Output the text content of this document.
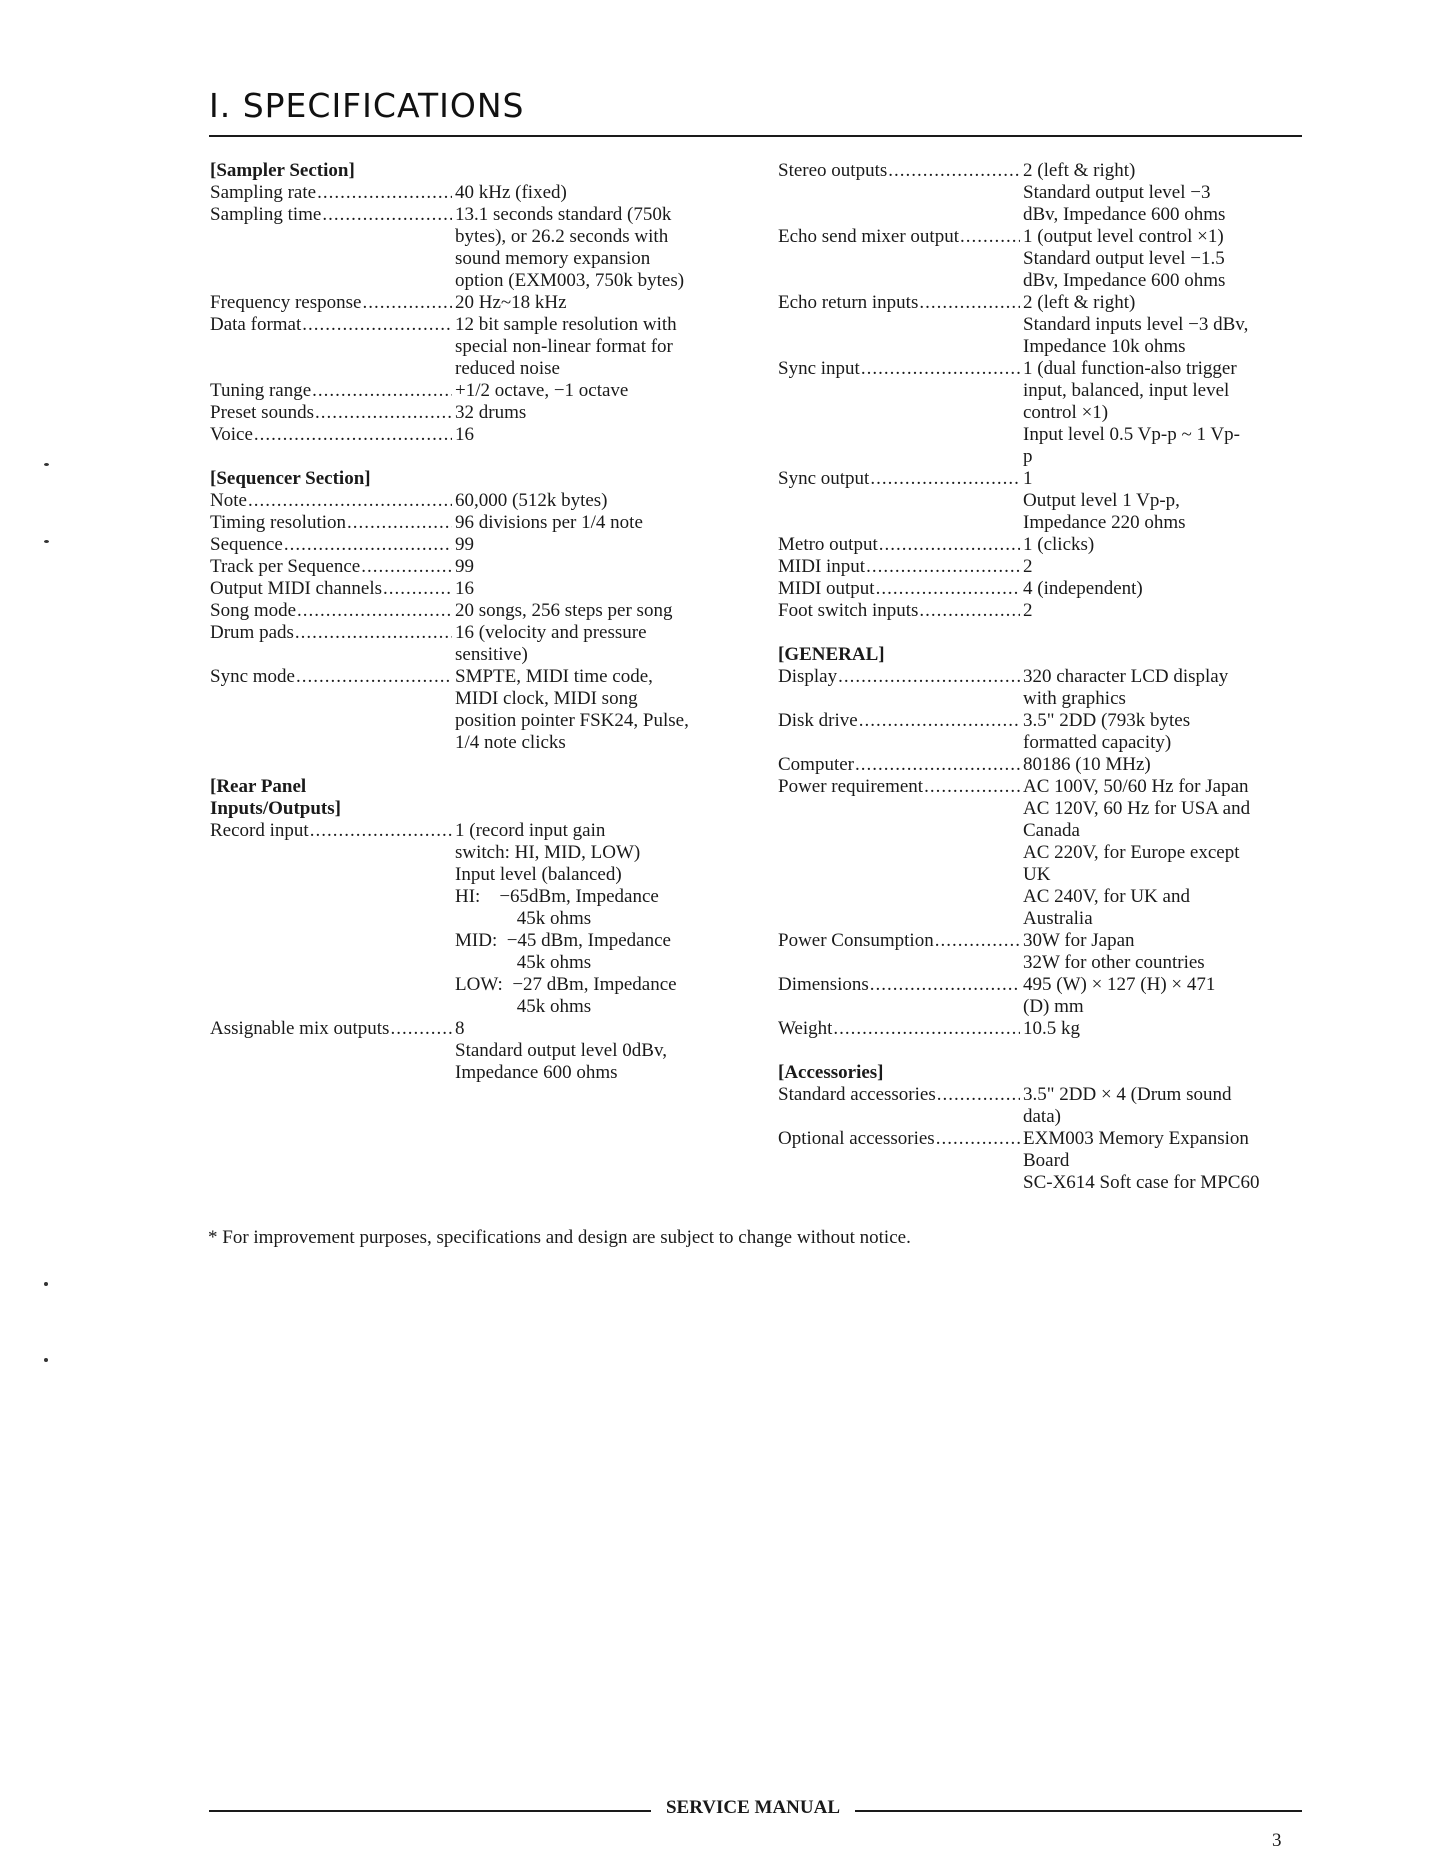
I. SPECIFICATIONS
[Sampler Section]
Sampling rate .....	40 kHz (fixed)
Sampling time .....	13.1 seconds standard (750k
bytes), or 26.2 seconds with
sound memory expansion
option (EXM003, 750k bytes)
Frequency response .....	20 Hz~18 kHz
Data format .....	12 bit sample resolution with
special non-linear format for
reduced noise
Tuning range .....	+1/2 octave, −1 octave
Preset sounds .....	32 drums
Voice .....	16
[Sequencer Section]
Note .....	60,000 (512k bytes)
Timing resolution .....	96 divisions per 1/4 note
Sequence .....	99
Track per Sequence .....	99
Output MIDI channels .....	16
Song mode .....	20 songs, 256 steps per song
Drum pads .....	16 (velocity and pressure
sensitive)
Sync mode .....	SMPTE, MIDI time code,
MIDI clock, MIDI song
position pointer FSK24, Pulse,
1/4 note clicks
[Rear Panel
Inputs/Outputs]
Record input .....	1 (record input gain
switch: HI, MID, LOW)
Input level (balanced)
HI:    −65dBm, Impedance
45k ohms
MID:  −45 dBm, Impedance
45k ohms
LOW:  −27 dBm, Impedance
45k ohms
Assignable mix outputs .....	8
Standard output level 0dBv,
Impedance 600 ohms
Stereo outputs .....	2 (left & right)
Standard output level −3
dBv, Impedance 600 ohms
Echo send mixer output .....	1 (output level control ×1)
Standard output level −1.5
dBv, Impedance 600 ohms
Echo return inputs .....	2 (left & right)
Standard inputs level −3 dBv,
Impedance 10k ohms
Sync input .....	1 (dual function-also trigger
input, balanced, input level
control ×1)
Input level 0.5 Vp-p ~ 1 Vp-
p
Sync output .....	1
Output level 1 Vp-p,
Impedance 220 ohms
Metro output .....	1 (clicks)
MIDI input .....	2
MIDI output .....	4 (independent)
Foot switch inputs .....	2
[GENERAL]
Display .....	320 character LCD display
with graphics
Disk drive .....	3.5" 2DD (793k bytes
formatted capacity)
Computer .....	80186 (10 MHz)
Power requirement .....	AC 100V, 50/60 Hz for Japan
AC 120V, 60 Hz for USA and
Canada
AC 220V, for Europe except
UK
AC 240V, for UK and
Australia
Power Consumption .....	30W for Japan
32W for other countries
Dimensions .....	495 (W) × 127 (H) × 471
(D) mm
Weight .....	10.5 kg
[Accessories]
Standard accessories .....	3.5" 2DD × 4 (Drum sound
data)
Optional accessories .....	EXM003 Memory Expansion
Board
SC-X614 Soft case for MPC60
* For improvement purposes, specifications and design are subject to change without notice.
SERVICE MANUAL
3
